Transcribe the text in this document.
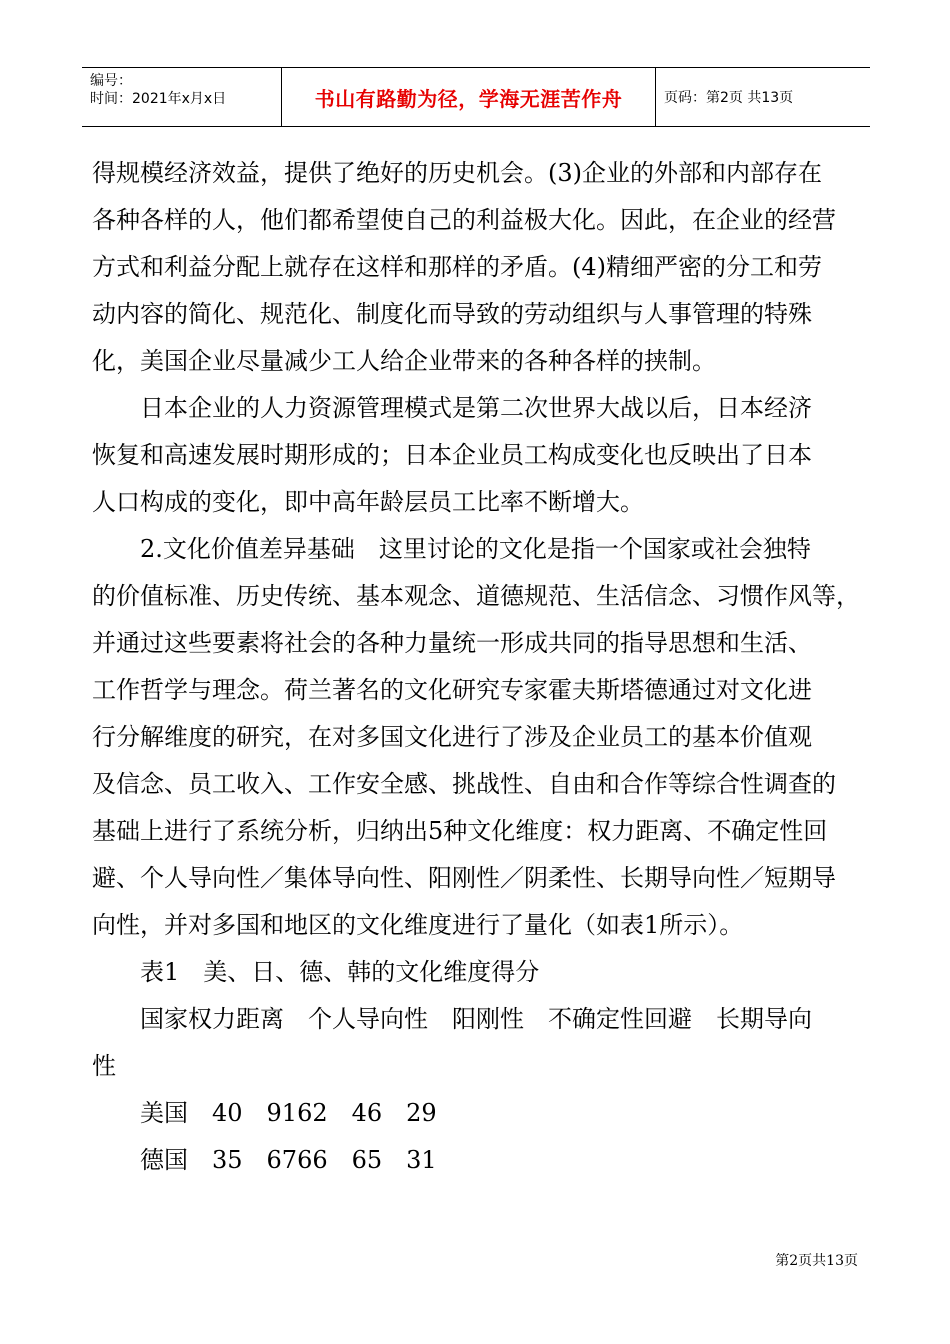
编号：
时间：2021年x月x日	书山有路勤为径，学海无涯苦作舟	页码：第2页 共13页
得规模经济效益，提供了绝好的历史机会。(3)企业的外部和内部存在
各种各样的人，他们都希望使自己的利益极大化。因此，在企业的经营
方式和利益分配上就存在这样和那样的矛盾。(4)精细严密的分工和劳
动内容的简化、规范化、制度化而导致的劳动组织与人事管理的特殊
化，美国企业尽量减少工人给企业带来的各种各样的挟制。
日本企业的人力资源管理模式是第二次世界大战以后，日本经济
恢复和高速发展时期形成的；日本企业员工构成变化也反映出了日本
人口构成的变化，即中高年龄层员工比率不断增大。
2.文化价值差异基础　这里讨论的文化是指一个国家或社会独特
的价值标准、历史传统、基本观念、道德规范、生活信念、习惯作风等，
并通过这些要素将社会的各种力量统一形成共同的指导思想和生活、
工作哲学与理念。荷兰著名的文化研究专家霍夫斯塔德通过对文化进
行分解维度的研究，在对多国文化进行了涉及企业员工的基本价值观
及信念、员工收入、工作安全感、挑战性、自由和合作等综合性调查的
基础上进行了系统分析，归纳出5种文化维度：权力距离、不确定性回
避、个人导向性／集体导向性、阳刚性／阴柔性、长期导向性／短期导
向性，并对多国和地区的文化维度进行了量化（如表1所示）。
表1　美、日、德、韩的文化维度得分
国家权力距离　个人导向性　阳刚性　不确定性回避　长期导向
性
美国　40　9162　46　29
德国　35　6766　65　31
第2页共13页
